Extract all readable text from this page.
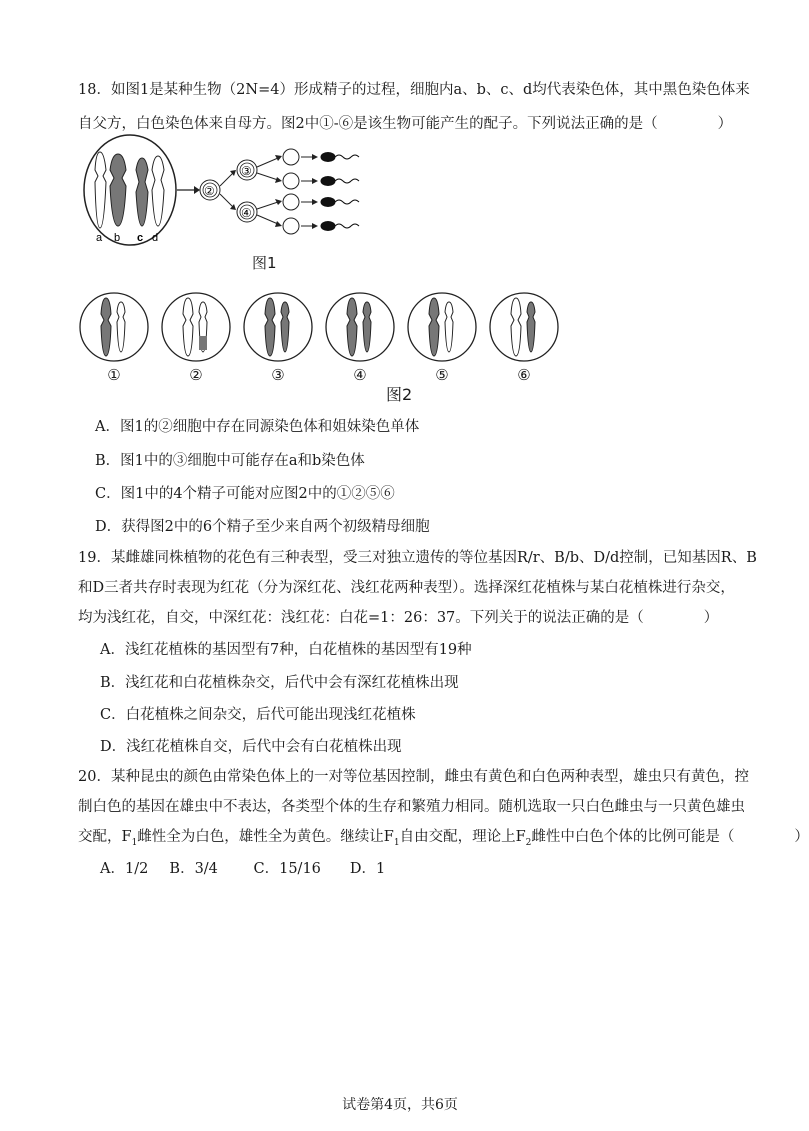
18．如图1是某种生物（2N=4）形成精子的过程，细胞内a、b、c、d均代表染色体，其中黑色染色体来
自父方，白色染色体来自母方。图2中①-⑥是该生物可能产生的配子。下列说法正确的是（	）
a b c d
②
③
④
图1
①	②	③	④	⑤	⑥
图2
A．图1的②细胞中存在同源染色体和姐妹染色单体
B．图1中的③细胞中可能存在a和b染色体
C．图1中的4个精子可能对应图2中的①②⑤⑥
D．获得图2中的6个精子至少来自两个初级精母细胞
19．某雌雄同株植物的花色有三种表型，受三对独立遗传的等位基因R/r、B/b、D/d控制，已知基因R、B
和D三者共存时表现为红花（分为深红花、浅红花两种表型）。选择深红花植株与某白花植株进行杂交，
均为浅红花，自交，中深红花：浅红花：白花=1：26：37。下列关于的说法正确的是（	）
A．浅红花植株的基因型有7种，白花植株的基因型有19种
B．浅红花和白花植株杂交，后代中会有深红花植株出现
C．白花植株之间杂交，后代可能出现浅红花植株
D．浅红花植株自交，后代中会有白花植株出现
20．某种昆虫的颜色由常染色体上的一对等位基因控制，雌虫有黄色和白色两种表型，雄虫只有黄色，控
制白色的基因在雄虫中不表达，各类型个体的生存和繁殖力相同。随机选取一只白色雌虫与一只黄色雄虫
交配，$F_1$雌性全为白色，雄性全为黄色。继续让$F_1$自由交配，理论上$F_2$雌性中白色个体的比例可能是（	）
A．1/2　 B．3/4　　 C．15/16　　D．1
试卷第4页，共6页
